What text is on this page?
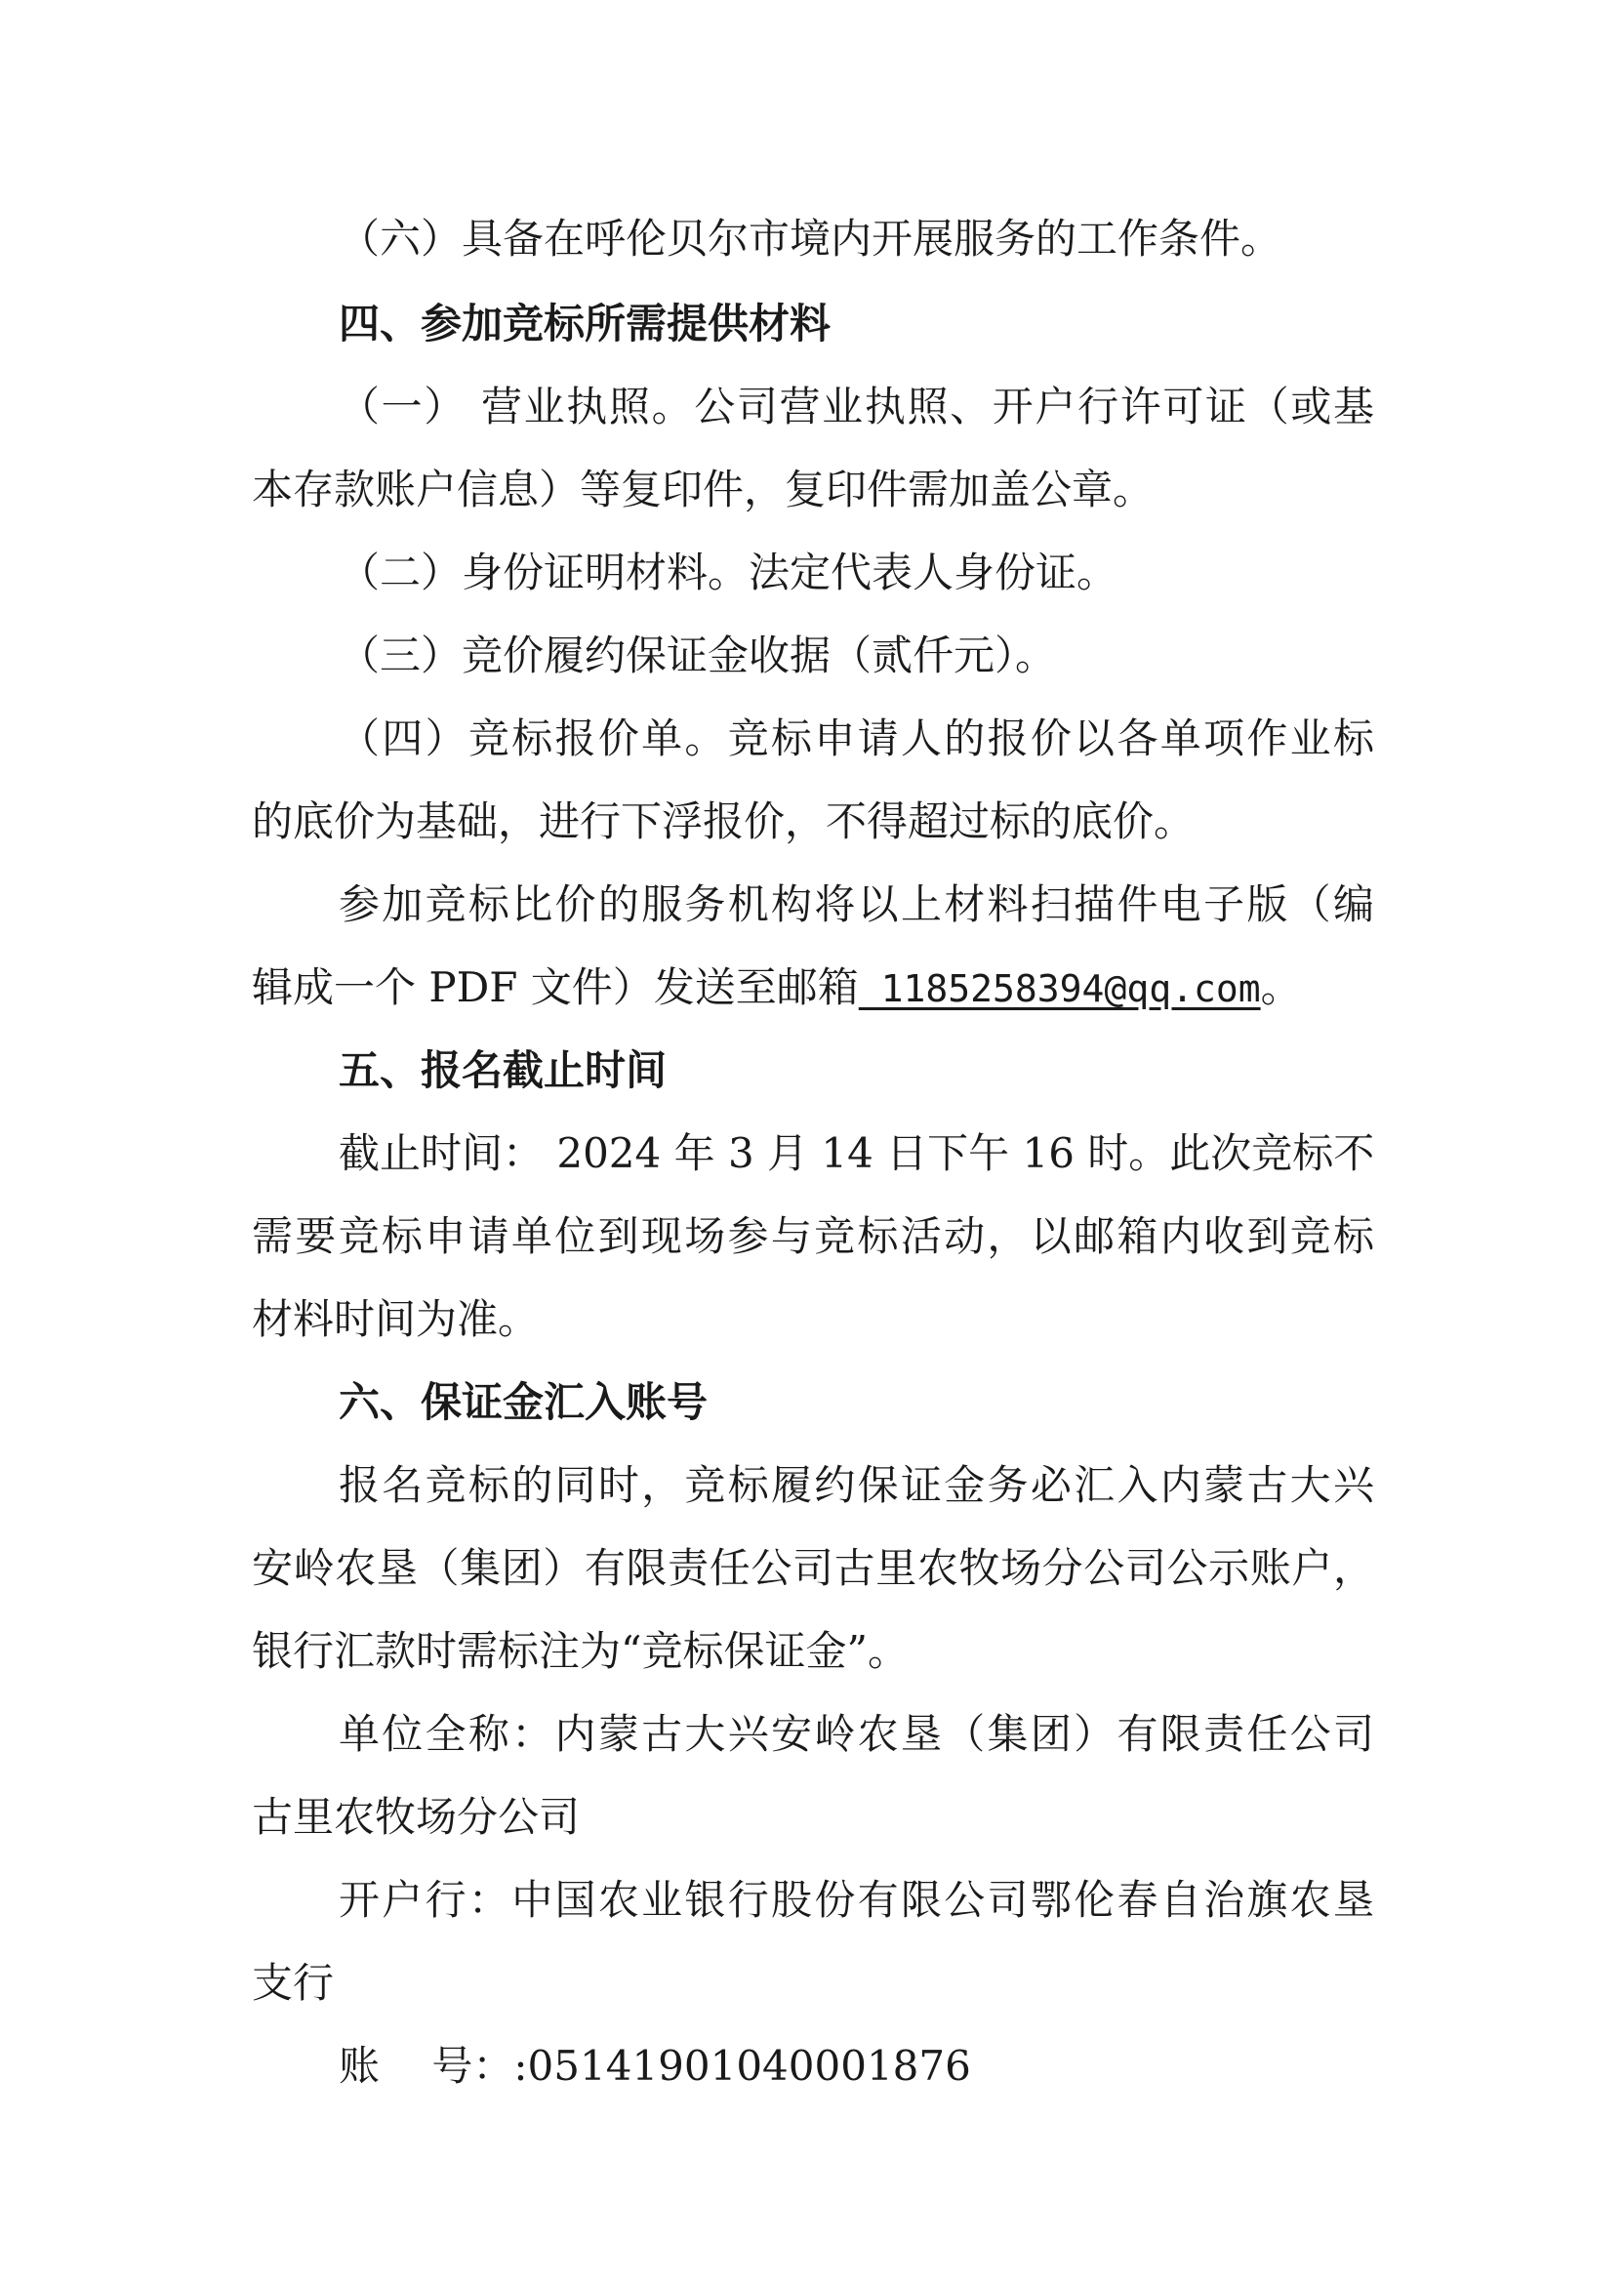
（六）具备在呼伦贝尔市境内开展服务的工作条件。
四、参加竞标所需提供材料
（一） 营业执照。公司营业执照、开户行许可证（或基
本存款账户信息）等复印件，复印件需加盖公章。
（二）身份证明材料。法定代表人身份证。
（三）竞价履约保证金收据（贰仟元）。
（四）竞标报价单。竞标申请人的报价以各单项作业标
的底价为基础，进行下浮报价，不得超过标的底价。
参加竞标比价的服务机构将以上材料扫描件电子版（编
辑成一个 PDF 文件）发送至邮箱 1185258394@qq.com。
五、报名截止时间
截止时间： 2024 年 3 月 14 日下午 16 时。此次竞标不
需要竞标申请单位到现场参与竞标活动，以邮箱内收到竞标
材料时间为准。
六、保证金汇入账号
报名竞标的同时，竞标履约保证金务必汇入内蒙古大兴
安岭农垦（集团）有限责任公司古里农牧场分公司公示账户，
银行汇款时需标注为“竞标保证金”。
单位全称：内蒙古大兴安岭农垦（集团）有限责任公司
古里农牧场分公司
开户行：中国农业银行股份有限公司鄂伦春自治旗农垦
支行
账    号：:05141901040001876
